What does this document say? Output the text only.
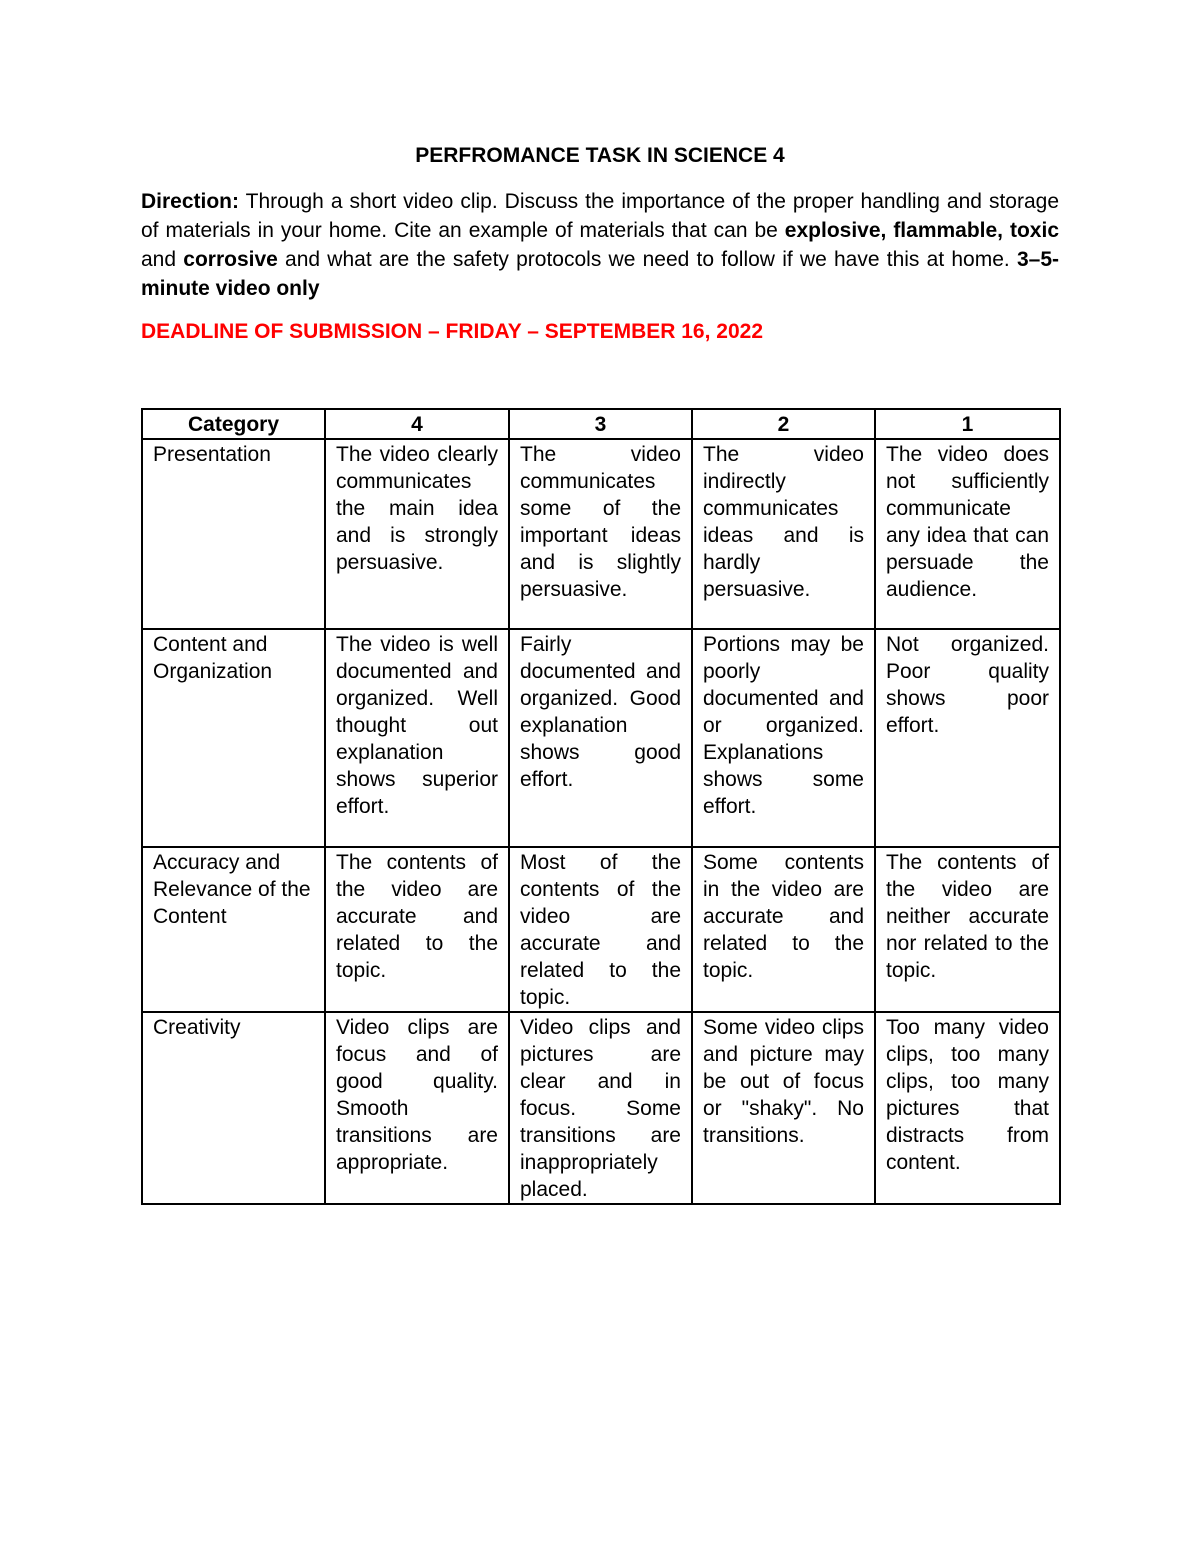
PERFROMANCE TASK IN SCIENCE 4

Direction: Through a short video clip. Discuss the importance of the proper handling and storage of materials in your home. Cite an example of materials that can be explosive, flammable, toxic and corrosive and what are the safety protocols we need to follow if we have this at home. 3–5-minute video only

DEADLINE OF SUBMISSION – FRIDAY – SEPTEMBER 16, 2022

Category	4	3	2	1
Presentation	The video clearly communicates the main idea and is strongly persuasive.	The video communicates some of the important ideas and is slightly persuasive.	The video indirectly communicates ideas and is hardly persuasive.	The video does not sufficiently communicate any idea that can persuade the audience.
Content and Organization	The video is well documented and organized. Well thought out explanation shows superior effort.	Fairly documented and organized. Good explanation shows good effort.	Portions may be poorly documented and or organized. Explanations shows some effort.	Not organized. Poor quality shows poor effort.
Accuracy and Relevance of the Content	The contents of the video are accurate and related to the topic.	Most of the contents of the video are accurate and related to the topic.	Some contents in the video are accurate and related to the topic.	The contents of the video are neither accurate nor related to the topic.
Creativity	Video clips are focus and of good quality. Smooth transitions are appropriate.	Video clips and pictures are clear and in focus. Some transitions are inappropriately placed.	Some video clips and picture may be out of focus or "shaky". No transitions.	Too many video clips, too many clips, too many pictures that distracts from content.
